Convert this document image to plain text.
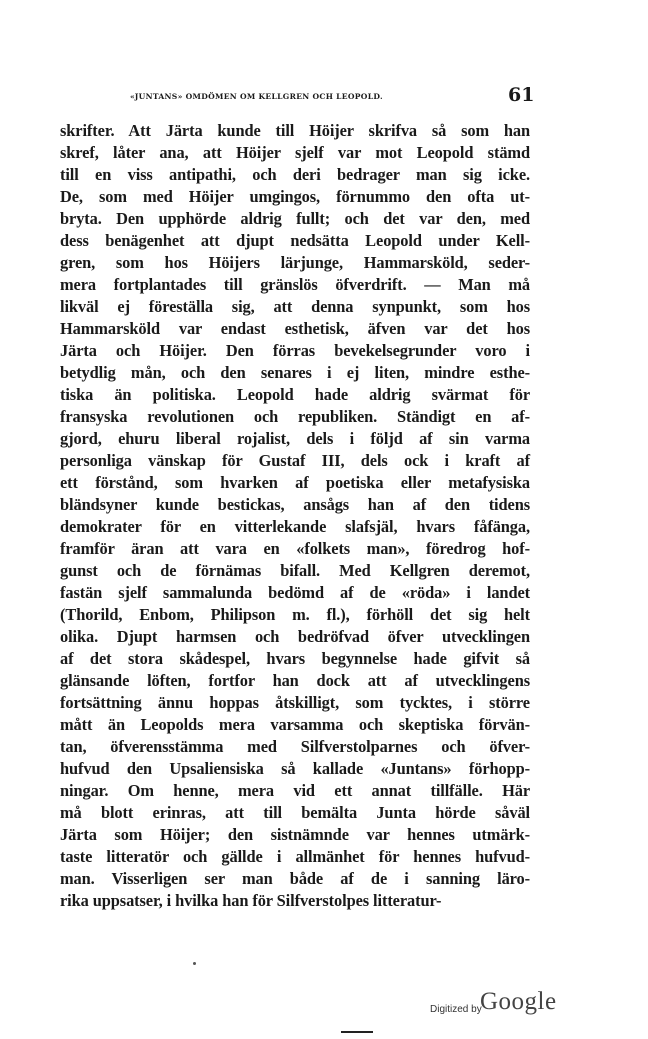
«JUNTANS» OMDÖMEN OM KELLGREN OCH LEOPOLD.	61
skrifter. Att Järta kunde till Höijer skrifva så som han
skref, låter ana, att Höijer sjelf var mot Leopold stämd
till en viss antipathi, och deri bedrager man sig icke.
De, som med Höijer umgingos, förnummo den ofta ut-
bryta. Den upphörde aldrig fullt; och det var den, med
dess benägenhet att djupt nedsätta Leopold under Kell-
gren, som hos Höijers lärjunge, Hammarsköld, seder-
mera fortplantades till gränslös öfverdrift. — Man må
likväl ej föreställa sig, att denna synpunkt, som hos
Hammarsköld var endast esthetisk, äfven var det hos
Järta och Höijer. Den förras bevekelsegrunder voro i
betydlig mån, och den senares i ej liten, mindre esthe-
tiska än politiska. Leopold hade aldrig svärmat för
fransyska revolutionen och republiken. Ständigt en af-
gjord, ehuru liberal rojalist, dels i följd af sin varma
personliga vänskap för Gustaf III, dels ock i kraft af
ett förstånd, som hvarken af poetiska eller metafysiska
bländsyner kunde bestickas, ansågs han af den tidens
demokrater för en vitterlekande slafsjäl, hvars fåfänga,
framför äran att vara en «folkets man», föredrog hof-
gunst och de förnämas bifall. Med Kellgren deremot,
fastän sjelf sammalunda bedömd af de «röda» i landet
(Thorild, Enbom, Philipson m. fl.), förhöll det sig helt
olika. Djupt harmsen och bedröfvad öfver utvecklingen
af det stora skådespel, hvars begynnelse hade gifvit så
glänsande löften, fortfor han dock att af utvecklingens
fortsättning ännu hoppas åtskilligt, som tycktes, i större
mått än Leopolds mera varsamma och skeptiska förvän-
tan, öfverensstämma med Silfverstolparnes och öfver-
hufvud den Upsaliensiska så kallade «Juntans» förhopp-
ningar. Om henne, mera vid ett annat tillfälle. Här
må blott erinras, att till bemälta Junta hörde såväl
Järta som Höijer; den sistnämnde var hennes utmärk-
taste litteratör och gällde i allmänhet för hennes hufvud-
man. Visserligen ser man både af de i sanning läro-
rika uppsatser, i hvilka han för Silfverstolpes litteratur-
Digitized by
Google
